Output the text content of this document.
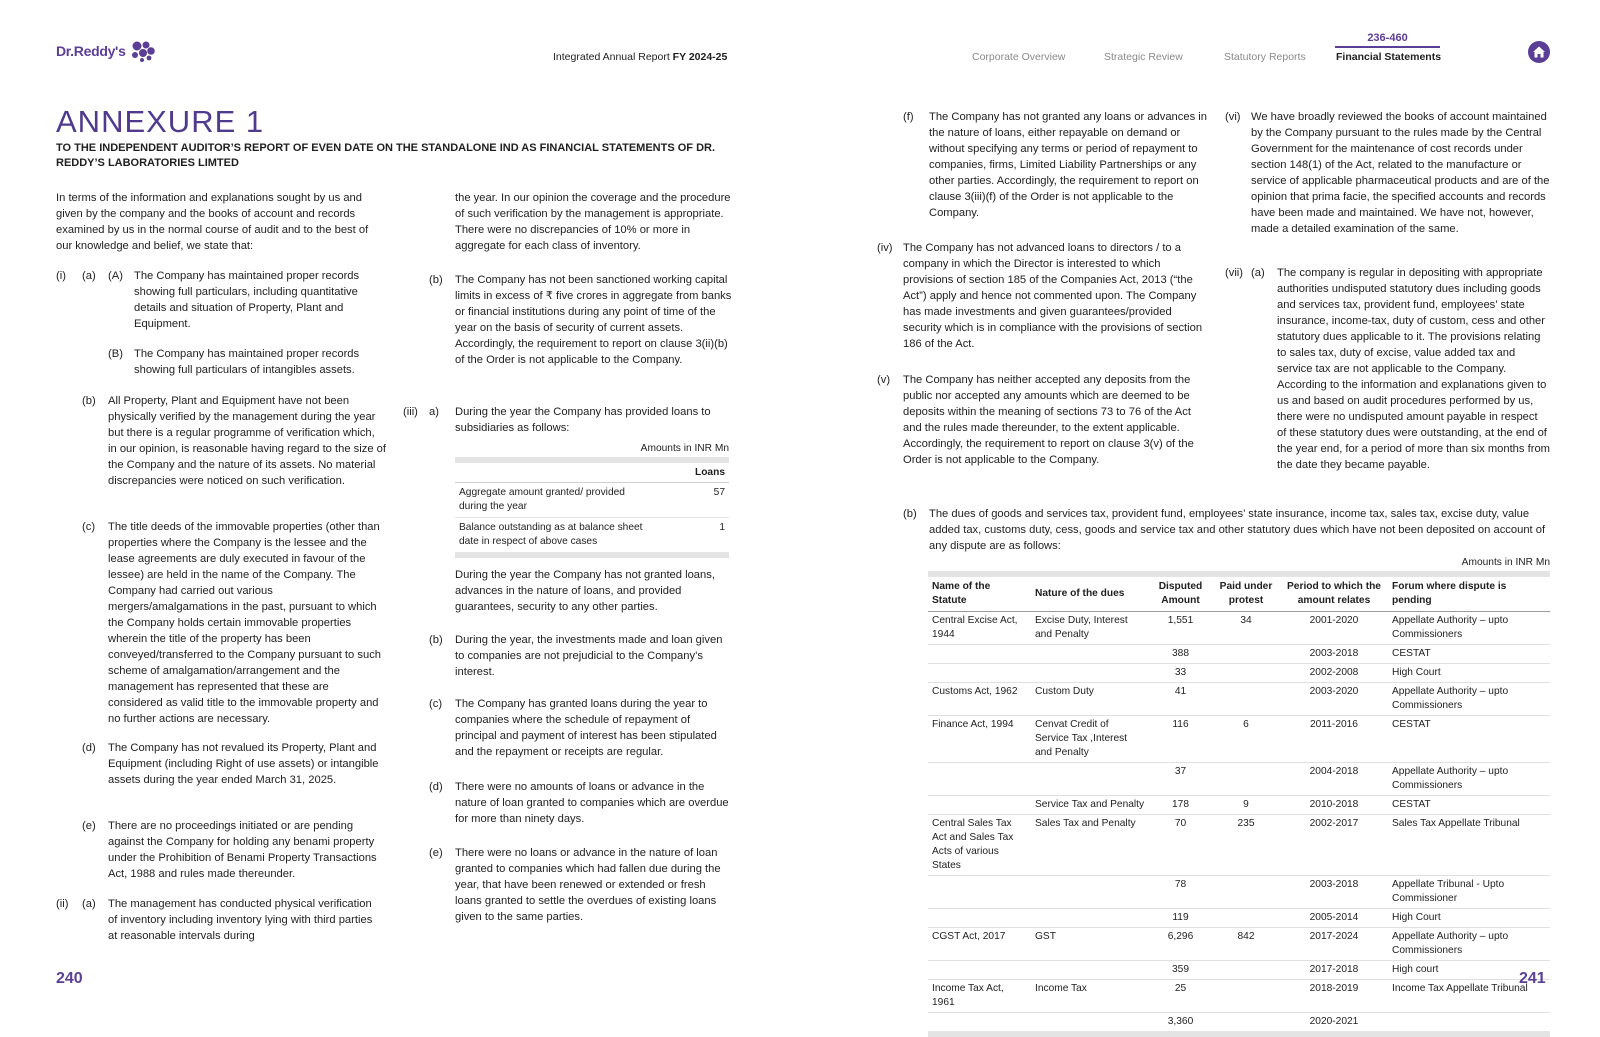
Dr.Reddy's	Integrated Annual Report FY 2024-25	Corporate Overview	Strategic Review	Statutory Reports	Financial Statements
236-460
ANNEXURE 1
TO THE INDEPENDENT AUDITOR’S REPORT OF EVEN DATE ON THE STANDALONE IND AS FINANCIAL STATEMENTS OF DR. REDDY’S LABORATORIES LIMTED
In terms of the information and explanations sought by us and given by the company and the books of account and records examined by us in the normal course of audit and to the best of our knowledge and belief, we state that:
(i) (a) (A) The Company has maintained proper records showing full particulars, including quantitative details and situation of Property, Plant and Equipment.
(B) The Company has maintained proper records showing full particulars of intangibles assets.
(b) All Property, Plant and Equipment have not been physically verified by the management during the year but there is a regular programme of verification which, in our opinion, is reasonable having regard to the size of the Company and the nature of its assets. No material discrepancies were noticed on such verification.
(c) The title deeds of the immovable properties (other than properties where the Company is the lessee and the lease agreements are duly executed in favour of the lessee) are held in the name of the Company. The Company had carried out various mergers/amalgamations in the past, pursuant to which the Company holds certain immovable properties wherein the title of the property has been conveyed/transferred to the Company pursuant to such scheme of amalgamation/arrangement and the management has represented that these are considered as valid title to the immovable property and no further actions are necessary.
(d) The Company has not revalued its Property, Plant and Equipment (including Right of use assets) or intangible assets during the year ended March 31, 2025.
(e) There are no proceedings initiated or are pending against the Company for holding any benami property under the Prohibition of Benami Property Transactions Act, 1988 and rules made thereunder.
(ii) (a) The management has conducted physical verification of inventory including inventory lying with third parties at reasonable intervals during
the year. In our opinion the coverage and the procedure of such verification by the management is appropriate. There were no discrepancies of 10% or more in aggregate for each class of inventory.
(b) The Company has not been sanctioned working capital limits in excess of ₹ five crores in aggregate from banks or financial institutions during any point of time of the year on the basis of security of current assets. Accordingly, the requirement to report on clause 3(ii)(b) of the Order is not applicable to the Company.
(iii) a) During the year the Company has provided loans to subsidiaries as follows:
Amounts in INR Mn
	Loans
Aggregate amount granted/ provided during the year	57
Balance outstanding as at balance sheet date in respect of above cases	1
During the year the Company has not granted loans, advances in the nature of loans, and provided guarantees, security to any other parties.
(b) During the year, the investments made and loan given to companies are not prejudicial to the Company’s interest.
(c) The Company has granted loans during the year to companies where the schedule of repayment of principal and payment of interest has been stipulated and the repayment or receipts are regular.
(d) There were no amounts of loans or advance in the nature of loan granted to companies which are overdue for more than ninety days.
(e) There were no loans or advance in the nature of loan granted to companies which had fallen due during the year, that have been renewed or extended or fresh loans granted to settle the overdues of existing loans given to the same parties.
(f) The Company has not granted any loans or advances in the nature of loans, either repayable on demand or without specifying any terms or period of repayment to companies, firms, Limited Liability Partnerships or any other parties. Accordingly, the requirement to report on clause 3(iii)(f) of the Order is not applicable to the Company.
(iv) The Company has not advanced loans to directors / to a company in which the Director is interested to which provisions of section 185 of the Companies Act, 2013 (“the Act”) apply and hence not commented upon. The Company has made investments and given guarantees/provided security which is in compliance with the provisions of section 186 of the Act.
(v) The Company has neither accepted any deposits from the public nor accepted any amounts which are deemed to be deposits within the meaning of sections 73 to 76 of the Act and the rules made thereunder, to the extent applicable. Accordingly, the requirement to report on clause 3(v) of the Order is not applicable to the Company.
(vi) We have broadly reviewed the books of account maintained by the Company pursuant to the rules made by the Central Government for the maintenance of cost records under section 148(1) of the Act, related to the manufacture or service of applicable pharmaceutical products and are of the opinion that prima facie, the specified accounts and records have been made and maintained. We have not, however, made a detailed examination of the same.
(vii) (a) The company is regular in depositing with appropriate authorities undisputed statutory dues including goods and services tax, provident fund, employees’ state insurance, income-tax, duty of custom, cess and other statutory dues applicable to it. The provisions relating to sales tax, duty of excise, value added tax and service tax are not applicable to the Company. According to the information and explanations given to us and based on audit procedures performed by us, there were no undisputed amount payable in respect of these statutory dues were outstanding, at the end of the year end, for a period of more than six months from the date they became payable.
(b) The dues of goods and services tax, provident fund, employees’ state insurance, income tax, sales tax, excise duty, value added tax, customs duty, cess, goods and service tax and other statutory dues which have not been deposited on account of any dispute are as follows:
Amounts in INR Mn
Name of the Statute	Nature of the dues	Disputed Amount	Paid under protest	Period to which the amount relates	Forum where dispute is pending
Central Excise Act, 1944	Excise Duty, Interest and Penalty	1,551	34	2001-2020	Appellate Authority – upto Commissioners
		388		2003-2018	CESTAT
		33		2002-2008	High Court
Customs Act, 1962	Custom Duty	41		2003-2020	Appellate Authority – upto Commissioners
Finance Act, 1994	Cenvat Credit of Service Tax ,Interest and Penalty	116	6	2011-2016	CESTAT
		37		2004-2018	Appellate Authority – upto Commissioners
	Service Tax and Penalty	178	9	2010-2018	CESTAT
Central Sales Tax Act and Sales Tax Acts of various States	Sales Tax and Penalty	70	235	2002-2017	Sales Tax Appellate Tribunal
		78		2003-2018	Appellate Tribunal - Upto Commissioner
		119		2005-2014	High Court
CGST Act, 2017	GST	6,296	842	2017-2024	Appellate Authority – upto Commissioners
		359		2017-2018	High court
Income Tax Act, 1961	Income Tax	25		2018-2019	Income Tax Appellate Tribunal
		3,360		2020-2021	
240	241
